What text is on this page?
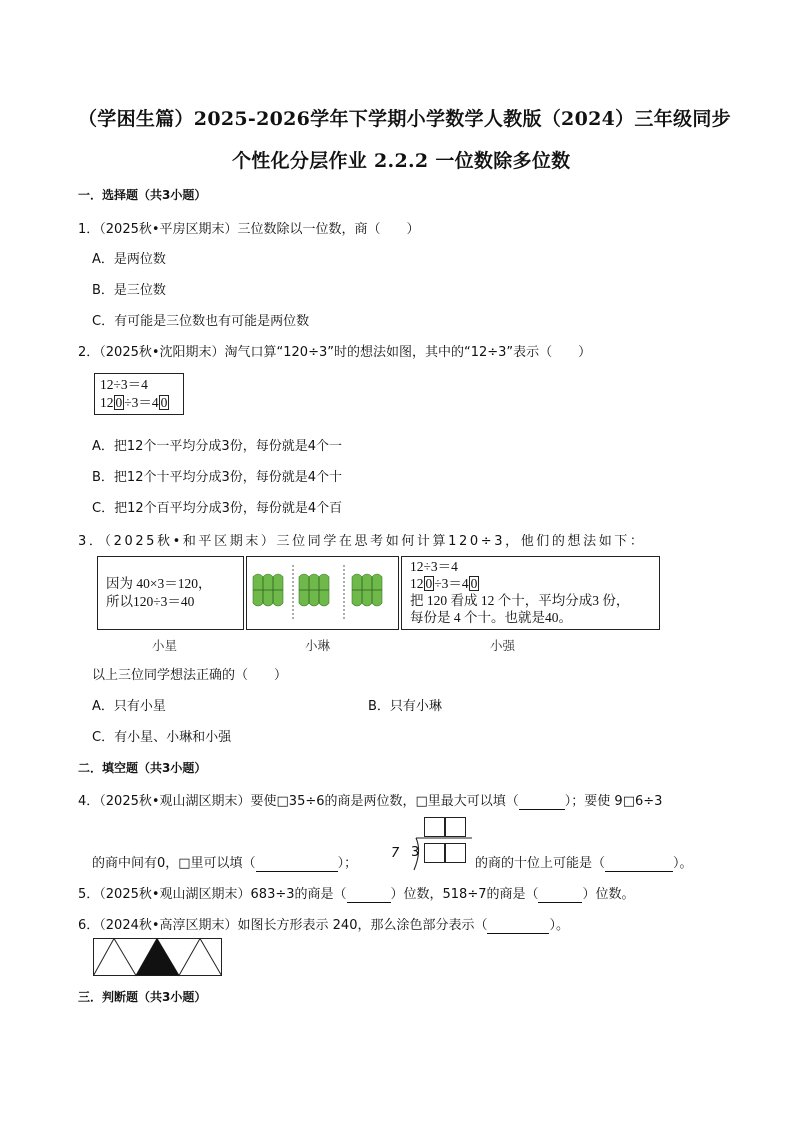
（学困生篇）2025-2026学年下学期小学数学人教版（2024）三年级同步
个性化分层作业 2.2.2 一位数除多位数
一．选择题（共3小题）
1．（2025秋•平房区期末）三位数除以一位数，商（　　）
A．是两位数
B．是三位数
C．有可能是三位数也有可能是两位数
2．（2025秋•沈阳期末）淘气口算“120÷3”时的想法如图，其中的“12÷3”表示（　　）
12÷3＝4
12 0 ÷3＝4 0
A．把12个一平均分成3份，每份就是4个一
B．把12个十平均分成3份，每份就是4个十
C．把12个百平均分成3份，每份就是4个百
3．（2025秋•和平区期末）三位同学在思考如何计算120÷3，他们的想法如下：
因为 40×3＝120，
所以120÷3＝40
12÷3＝4
12 0 ÷3＝4 0
把 120 看成 12 个十，平均分成3 份，
每份是 4 个十。也就是40。
小星	小琳	小强
以上三位同学想法正确的（　　）
A．只有小星	B．只有小琳
C．有小星、小琳和小强
二．填空题（共3小题）
4．（2025秋•观山湖区期末）要使□35÷6的商是两位数，□里最大可以填（	）；要使 9□6÷3
7 3
的商中间有0，□里可以填（	）；	的商的十位上可能是（	）。
5．（2025秋•观山湖区期末）683÷3的商是（	）位数，518÷7的商是（	）位数。
6．（2024秋•高淳区期末）如图长方形表示 240，那么涂色部分表示（	）。
三．判断题（共3小题）
